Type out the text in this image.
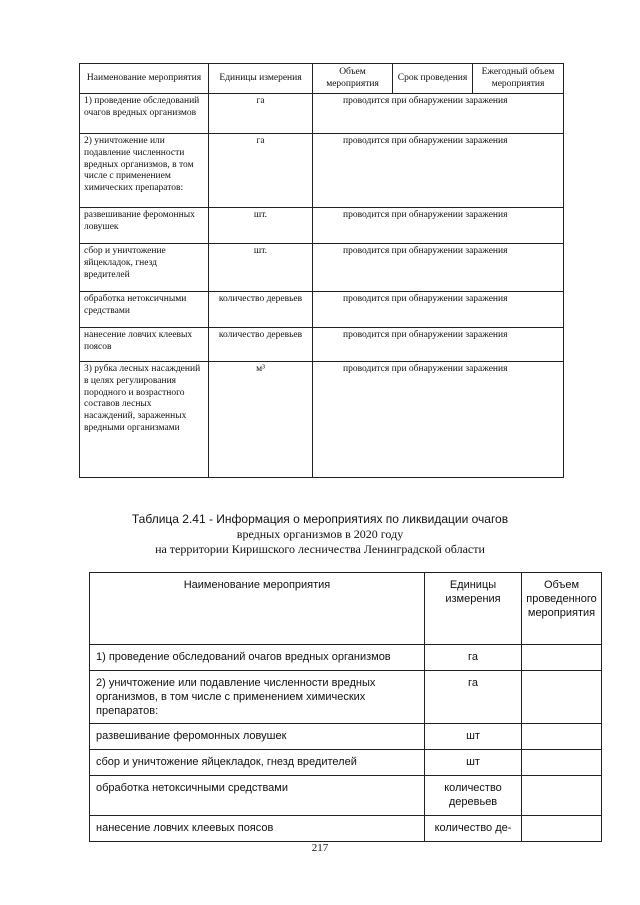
Наименование мероприятия	Единицы измерения	Объем мероприятия	Срок проведения	Ежегодный объем мероприятия
1) проведение обследований очагов вредных организмов	га	проводится при обнаружении заражения		
2) уничтожение или подавление численности вредных организмов, в том числе с применением химических препаратов:	га	проводится при обнаружении заражения		
развешивание феромонных ловушек	шт.	проводится при обнаружении заражения		
сбор и уничтожение яйцекладок, гнезд вредителей	шт.	проводится при обнаружении заражения		
обработка нетоксичными средствами	количество деревьев	проводится при обнаружении заражения		
нанесение ловчих клеевых поясов	количество деревьев	проводится при обнаружении заражения		
3) рубка лесных насаждений в целях регулирования породного и возрастного составов лесных насаждений, зараженных вредными организмами	м³	проводится при обнаружении заражения		
Таблица 2.41 - Информация о мероприятиях по ликвидации очагов
вредных организмов в 2020 году
на территории Киришского лесничества Ленинградской области
Наименование мероприятия	Единицы измерения	Объем проведенного мероприятия
1) проведение обследований очагов вредных организмов	га	
2) уничтожение или подавление численности вредных организмов, в том числе с применением химических препаратов:	га	
развешивание феромонных ловушек	шт	
сбор и уничтожение яйцекладок, гнезд вредителей	шт	
обработка нетоксичными средствами	количество деревьев	
нанесение ловчих клеевых поясов	количество де-	
217
